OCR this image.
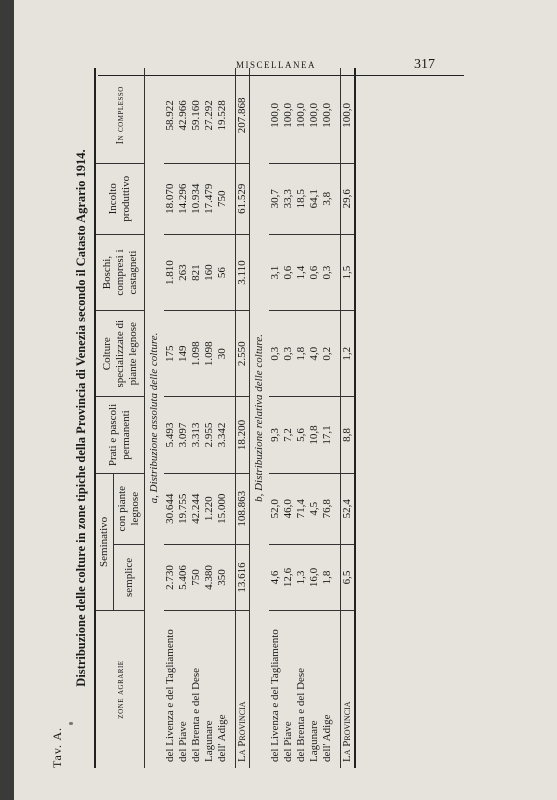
MISCELLANEA	317
Tav. A.
Distribuzione delle colture in zone tipiche della Provincia di Venezia secondo il Catasto Agrario 1914.
zone agrarie	Seminativo		Prati e pascoli permanenti	Colture specializzate di piante legnose	Boschi, compresi i castagneti	Incolto produttivo	In complesso
	semplice	con piante legnose					
a, Distribuzione assoluta delle colture.							
del Livenza e del Tagliamento	2.730	30.644	5.493	175	1.810	18.070	58.922
del Piave	5.406	19.755	3.097	149	263	14.296	42.966
del Brenta e del Dese	750	42.244	3.313	1.098	821	10.934	59.160
Lagunare	4.380	1.220	2.955	1.098	160	17.479	27.292
dell' Adige	350	15.000	3.342	30	56	750	19.528

La Provincia	13.616	108.863	18.200	2.550	3.110	61.529	207.868
b, Distribuzione relativa delle colture.							
del Livenza e del Tagliamento	4,6	52,0	9,3	0,3	3,1	30,7	100,0
del Piave	12,6	46,0	7,2	0,3	0,6	33,3	100,0
del Brenta e del Dese	1,3	71,4	5,6	1,8	1,4	18,5	100,0
Lagunare	16,0	4,5	10,8	4,0	0,6	64,1	100,0
dell' Adige	1,8	76,8	17,1	0,2	0,3	3,8	100,0

La Provincia	6,5	52,4	8,8	1,2	1,5	29,6	100,0
